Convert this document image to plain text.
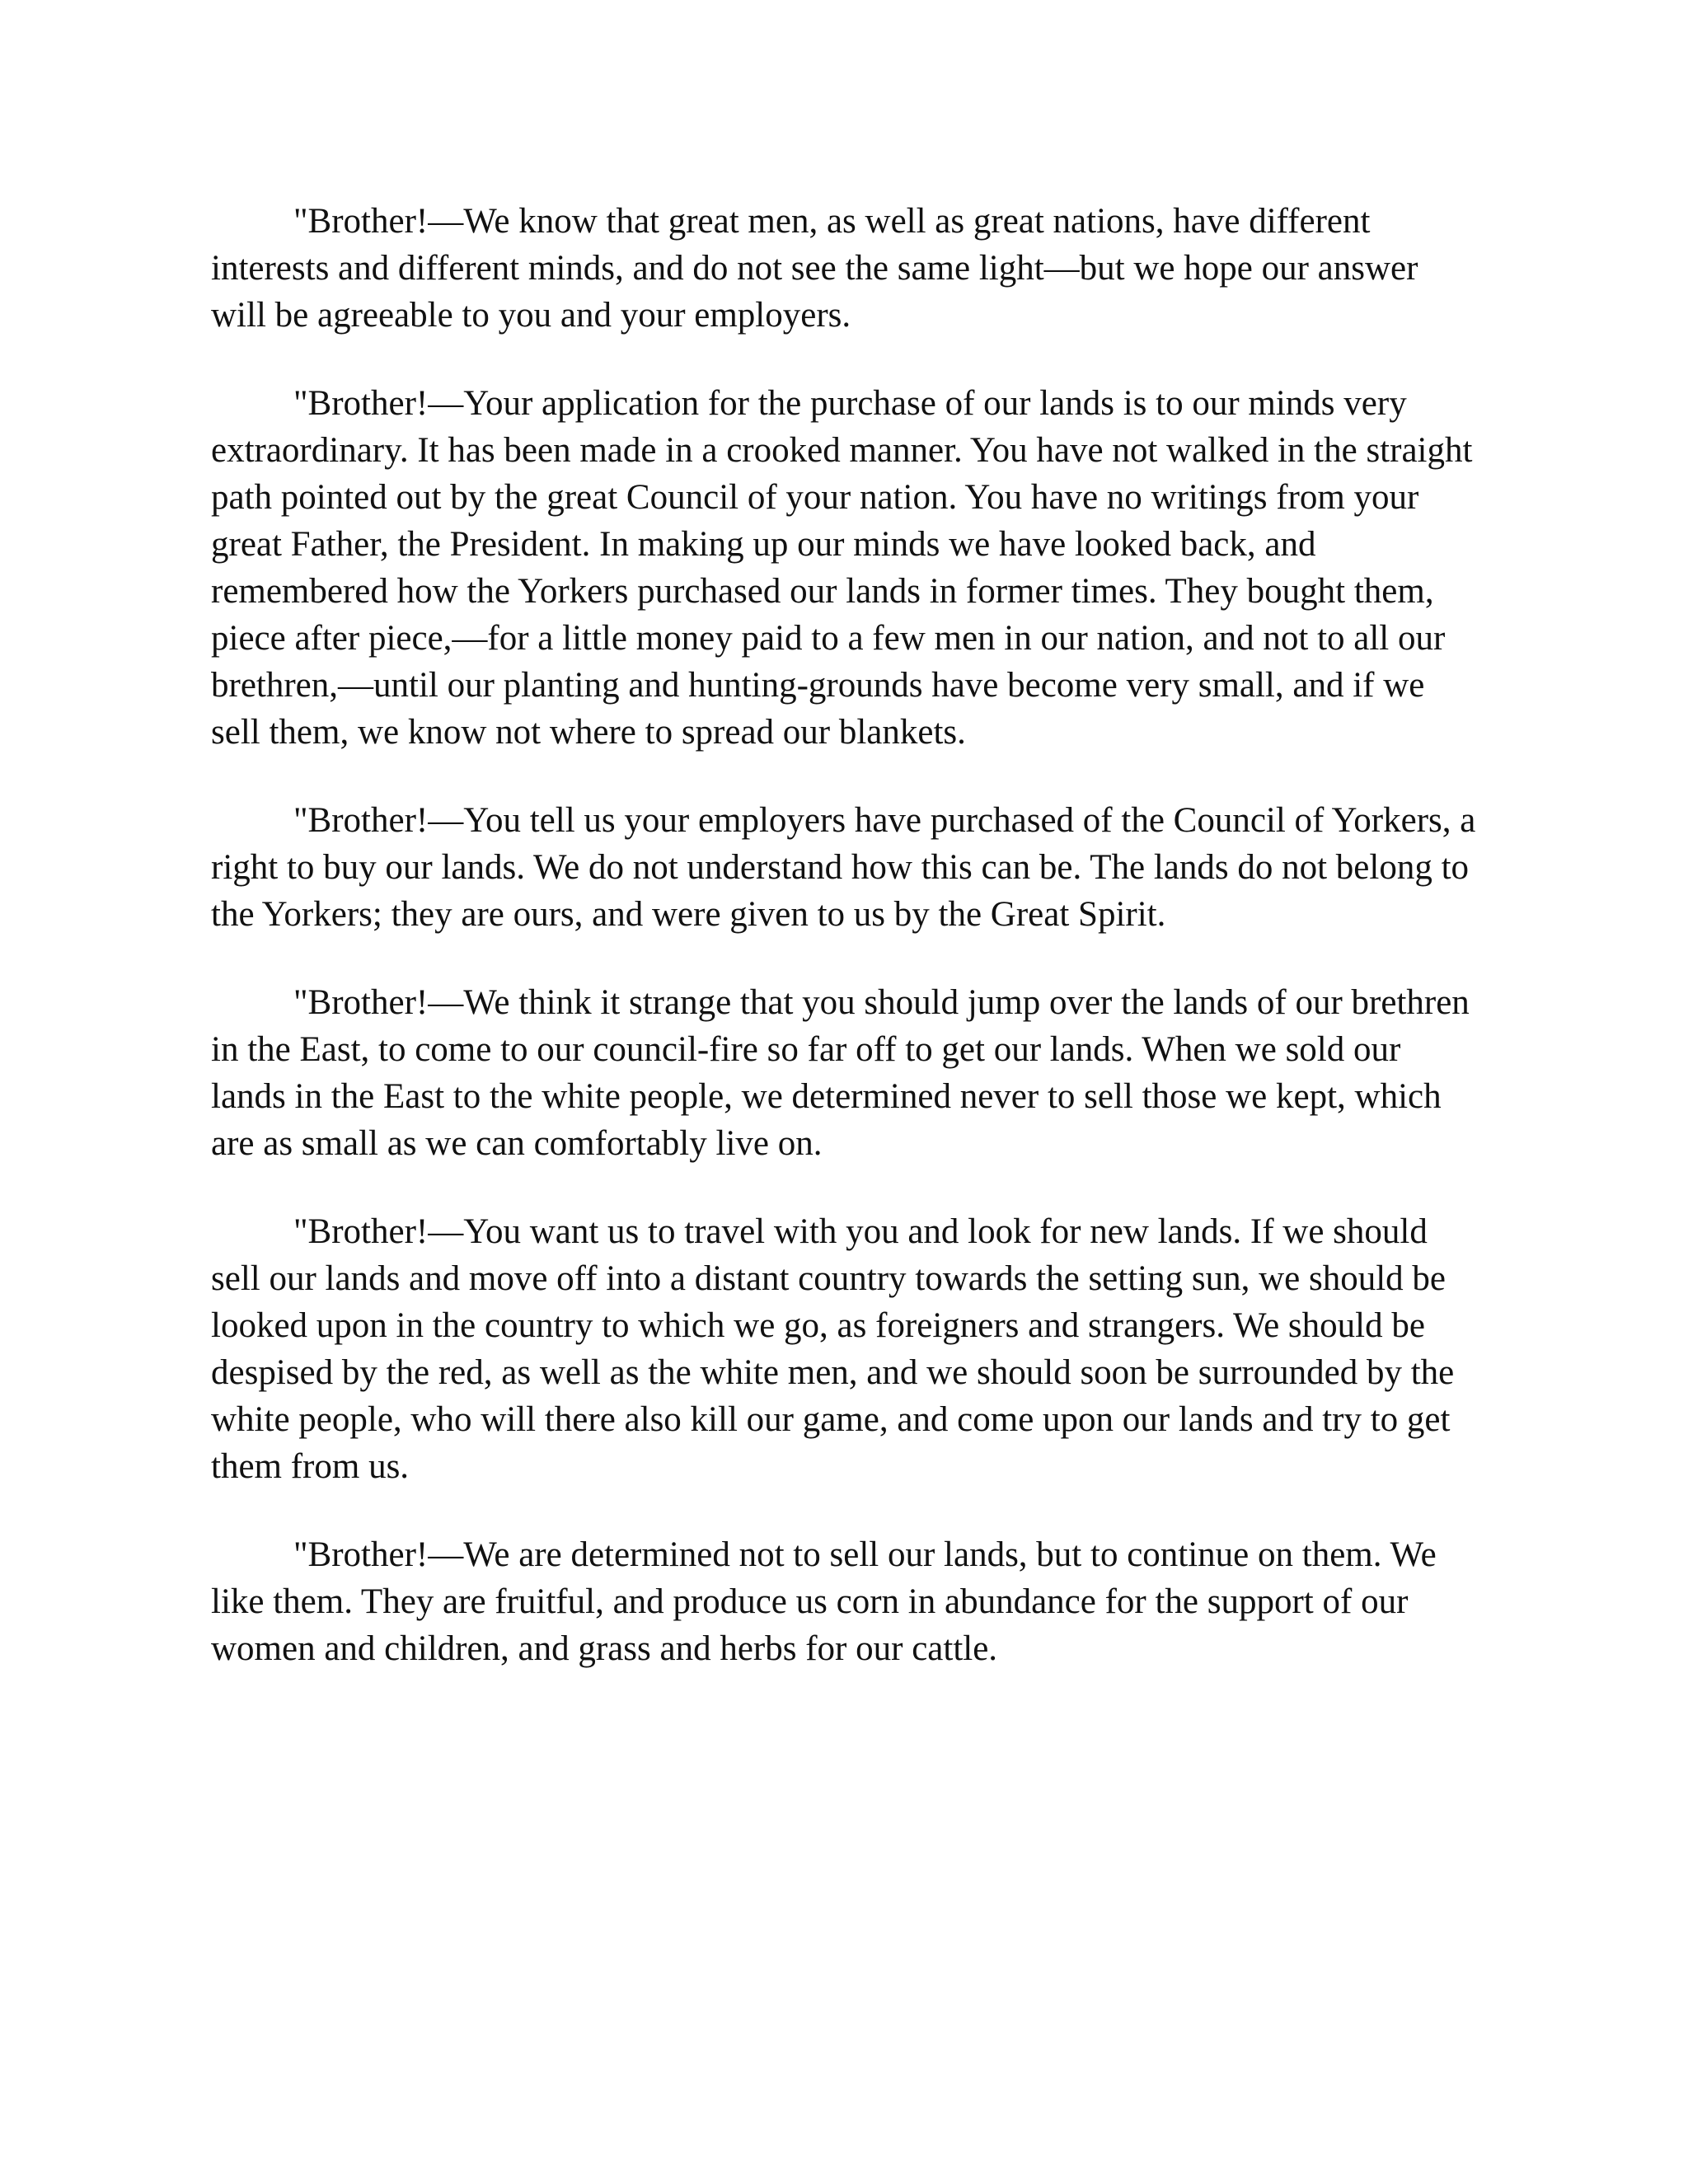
"Brother!—We know that great men, as well as great nations, have different interests and different minds, and do not see the same light—but we hope our answer will be agreeable to you and your employers.

"Brother!—Your application for the purchase of our lands is to our minds very extraordinary. It has been made in a crooked manner. You have not walked in the straight path pointed out by the great Council of your nation. You have no writings from your great Father, the President. In making up our minds we have looked back, and remembered how the Yorkers purchased our lands in former times. They bought them, piece after piece,—for a little money paid to a few men in our nation, and not to all our brethren,—until our planting and hunting-grounds have become very small, and if we sell them, we know not where to spread our blankets.

"Brother!—You tell us your employers have purchased of the Council of Yorkers, a right to buy our lands. We do not understand how this can be. The lands do not belong to the Yorkers; they are ours, and were given to us by the Great Spirit.

"Brother!—We think it strange that you should jump over the lands of our brethren in the East, to come to our council-fire so far off to get our lands. When we sold our lands in the East to the white people, we determined never to sell those we kept, which are as small as we can comfortably live on.

"Brother!—You want us to travel with you and look for new lands. If we should sell our lands and move off into a distant country towards the setting sun, we should be looked upon in the country to which we go, as foreigners and strangers. We should be despised by the red, as well as the white men, and we should soon be surrounded by the white people, who will there also kill our game, and come upon our lands and try to get them from us.

"Brother!—We are determined not to sell our lands, but to continue on them. We like them. They are fruitful, and produce us corn in abundance for the support of our women and children, and grass and herbs for our cattle.
